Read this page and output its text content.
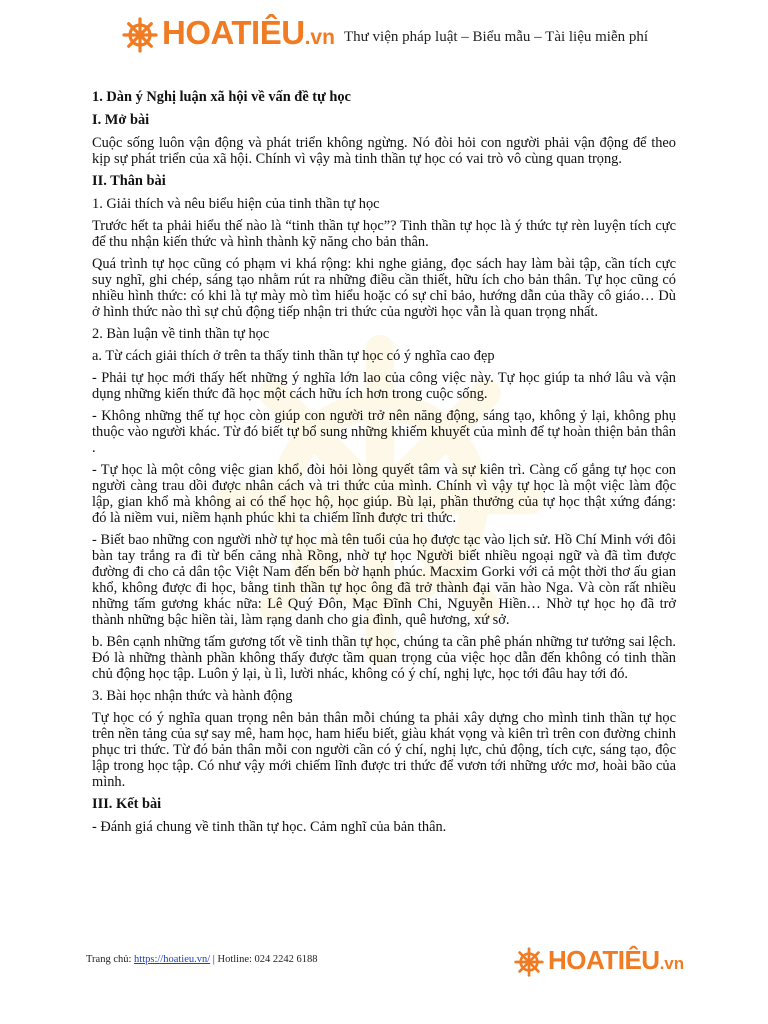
HOATIÊU.vn Thư viện pháp luật – Biểu mẫu – Tài liệu miễn phí

1. Dàn ý Nghị luận xã hội về vấn đề tự học

I. Mở bài

Cuộc sống luôn vận động và phát triển không ngừng. Nó đòi hỏi con người phải vận động để theo kịp sự phát triển của xã hội. Chính vì vậy mà tinh thần tự học có vai trò vô cùng quan trọng.

II. Thân bài

1. Giải thích và nêu biểu hiện của tinh thần tự học

Trước hết ta phải hiểu thế nào là “tinh thần tự học”? Tinh thần tự học là ý thức tự rèn luyện tích cực để thu nhận kiến thức và hình thành kỹ năng cho bản thân.

Quá trình tự học cũng có phạm vi khá rộng: khi nghe giảng, đọc sách hay làm bài tập, cần tích cực suy nghĩ, ghi chép, sáng tạo nhằm rút ra những điều cần thiết, hữu ích cho bản thân. Tự học cũng có nhiều hình thức: có khi là tự mày mò tìm hiểu hoặc có sự chỉ bảo, hướng dẫn của thầy cô giáo… Dù ở hình thức nào thì sự chủ động tiếp nhận tri thức của người học vẫn là quan trọng nhất.

2. Bàn luận về tinh thần tự học

a. Từ cách giải thích ở trên ta thấy tinh thần tự học có ý nghĩa cao đẹp

- Phải tự học mới thấy hết những ý nghĩa lớn lao của công việc này. Tự học giúp ta nhớ lâu và vận dụng những kiến thức đã học một cách hữu ích hơn trong cuộc sống.

- Không những thế tự học còn giúp con người trở nên năng động, sáng tạo, không ỷ lại, không phụ thuộc vào người khác. Từ đó biết tự bổ sung những khiếm khuyết của mình để tự hoàn thiện bản thân .

- Tự học là một công việc gian khổ, đòi hỏi lòng quyết tâm và sự kiên trì. Càng cố gắng tự học con người càng trau dồi được nhân cách và tri thức của mình. Chính vì vậy tự học là một việc làm độc lập, gian khổ mà không ai có thể học hộ, học giúp. Bù lại, phần thưởng của tự học thật xứng đáng: đó là niềm vui, niềm hạnh phúc khi ta chiếm lĩnh được tri thức.

- Biết bao những con người nhờ tự học mà tên tuổi của họ được tạc vào lịch sử. Hồ Chí Minh với đôi bàn tay trắng ra đi từ bến cảng nhà Rồng, nhờ tự học Người biết nhiều ngoại ngữ và đã tìm được đường đi cho cả dân tộc Việt Nam đến bến bờ hạnh phúc. Macxim Gorki với cả một thời thơ ấu gian khổ, không được đi học, bằng tinh thần tự học ông đã trở thành đại văn hào Nga. Và còn rất nhiều những tấm gương khác nữa: Lê Quý Đôn, Mạc Đĩnh Chi, Nguyễn Hiền… Nhờ tự học họ đã trở thành những bậc hiền tài, làm rạng danh cho gia đình, quê hương, xứ sở.

b. Bên cạnh những tấm gương tốt về tinh thần tự học, chúng ta cần phê phán những tư tưởng sai lệch. Đó là những thành phần không thấy được tầm quan trọng của việc học dẫn đến không có tinh thần chủ động học tập. Luôn ỷ lại, ù lì, lười nhác, không có ý chí, nghị lực, học tới đâu hay tới đó.

3. Bài học nhận thức và hành động

Tự học có ý nghĩa quan trọng nên bản thân mỗi chúng ta phải xây dựng cho mình tinh thần tự học trên nền tảng của sự say mê, ham học, ham hiểu biết, giàu khát vọng và kiên trì trên con đường chinh phục tri thức. Từ đó bản thân mỗi con người cần có ý chí, nghị lực, chủ động, tích cực, sáng tạo, độc lập trong học tập. Có như vậy mới chiếm lĩnh được tri thức để vươn tới những ước mơ, hoài bão của mình.

III. Kết bài

- Đánh giá chung về tinh thần tự học. Cảm nghĩ của bản thân.

Trang chủ: https://hoatieu.vn/ | Hotline: 024 2242 6188	HOATIÊU.vn
